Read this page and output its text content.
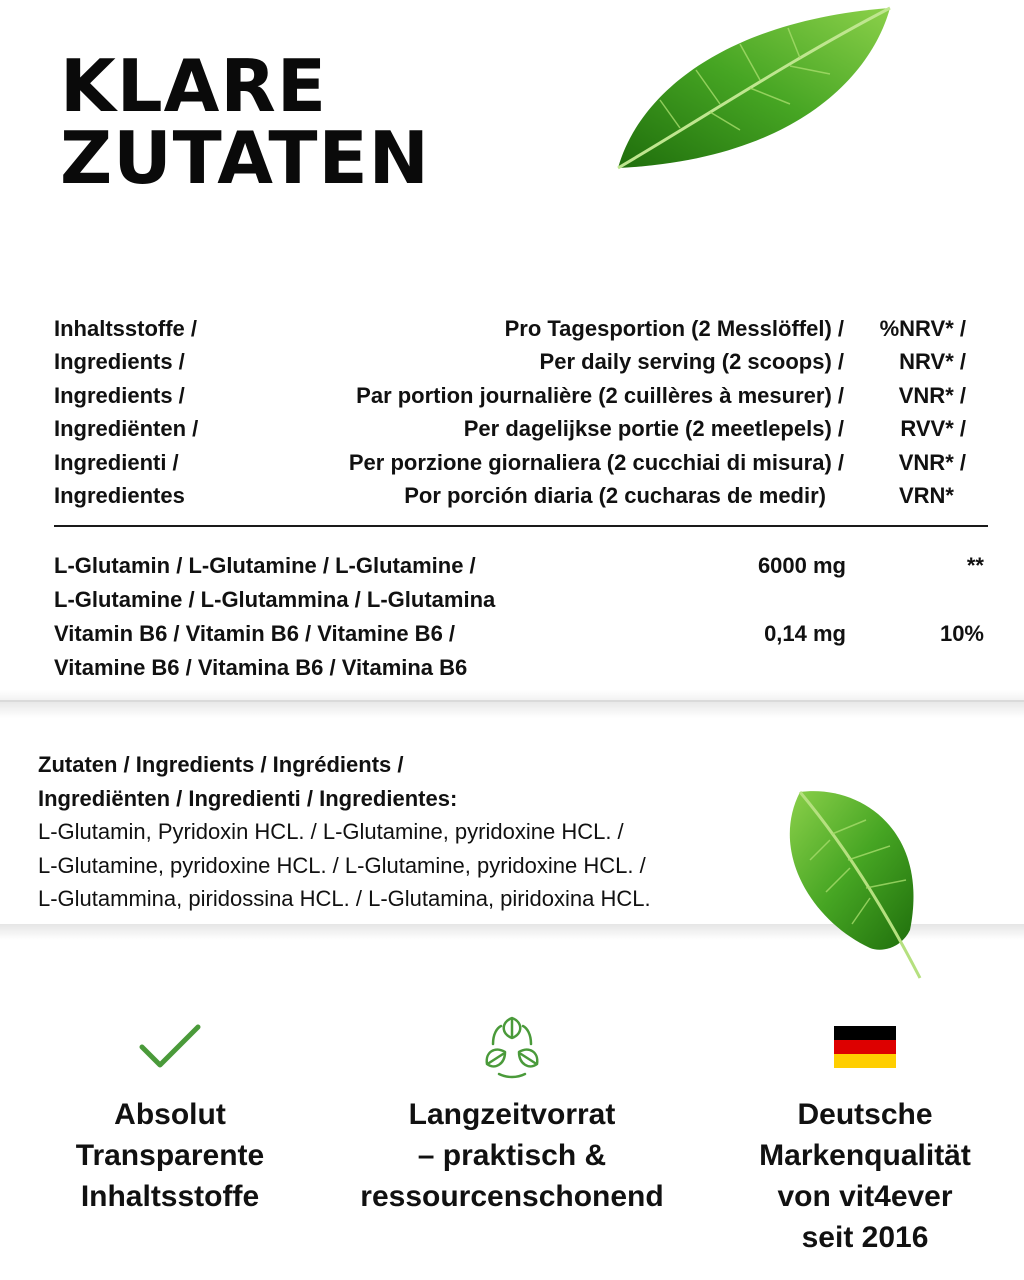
KLARE
ZUTATEN
Inhaltsstoffe /	Pro Tagesportion (2 Messlöffel) /	%NRV* /
Ingredients /	Per daily serving (2 scoops) /	NRV* /
Ingredients /	Par portion journalière (2 cuillères à mesurer) /	VNR* /
Ingrediënten /	Per dagelijkse portie (2 meetlepels) /	RVV* /
Ingredienti /	Per porzione giornaliera (2 cucchiai di misura) /	VNR* /
Ingredientes	Por porción diaria (2 cucharas de medir)	VRN*
L-Glutamin / L-Glutamine / L-Glutamine /
L-Glutamine / L-Glutammina / L-Glutamina
6000 mg	**
Vitamin B6 / Vitamin B6 / Vitamine B6 /
Vitamine B6 / Vitamina B6 / Vitamina B6
0,14 mg	10%
Zutaten / Ingredients / Ingrédients /
Ingrediënten / Ingredienti / Ingredientes:
L-Glutamin, Pyridoxin HCL. / L-Glutamine, pyridoxine HCL. /
L-Glutamine, pyridoxine HCL. / L-Glutamine, pyridoxine HCL. /
L-Glutammina, piridossina HCL. / L-Glutamina, piridoxina HCL.
Absolut
Transparente
Inhaltsstoffe
Langzeitvorrat
– praktisch &
ressourcenschonend
Deutsche
Markenqualität
von vit4ever
seit 2016
